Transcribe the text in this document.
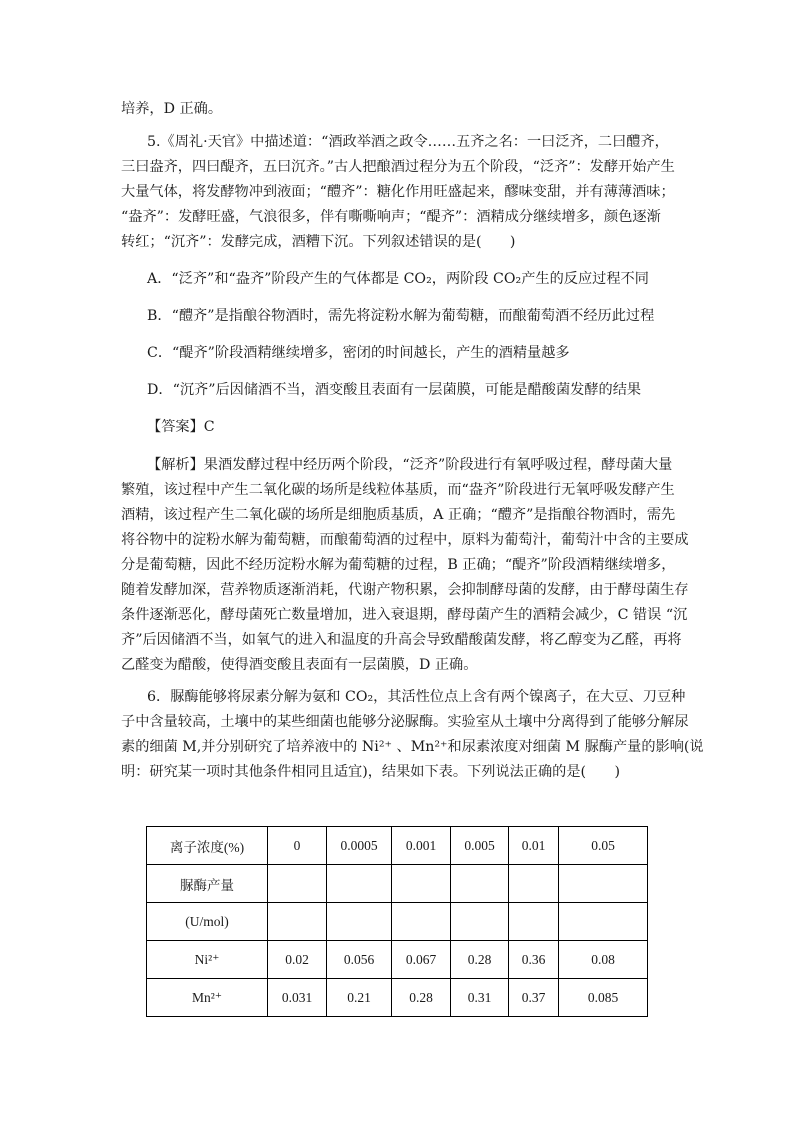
培养，D 正确。
5.《周礼·天官》中描述道：“酒政举酒之政令……五齐之名：一曰泛齐，二曰醴齐，
三曰盎齐，四曰醍齐，五曰沉齐。”古人把酿酒过程分为五个阶段，“泛齐”：发酵开始产生
大量气体，将发酵物冲到液面；“醴齐”：糖化作用旺盛起来，醪味变甜，并有薄薄酒味；
“盎齐”：发酵旺盛，气浪很多，伴有嘶嘶响声；“醍齐”：酒精成分继续增多，颜色逐渐
转红；“沉齐”：发酵完成，酒糟下沉。下列叙述错误的是(　　)
A．“泛齐”和“盎齐”阶段产生的气体都是 CO₂，两阶段 CO₂产生的反应过程不同
B．“醴齐”是指酿谷物酒时，需先将淀粉水解为葡萄糖，而酿葡萄酒不经历此过程
C．“醍齐”阶段酒精继续增多，密闭的时间越长，产生的酒精量越多
D．“沉齐”后因储酒不当，酒变酸且表面有一层菌膜，可能是醋酸菌发酵的结果
【答案】C
【解析】果酒发酵过程中经历两个阶段，“泛齐”阶段进行有氧呼吸过程，酵母菌大量
繁殖，该过程中产生二氧化碳的场所是线粒体基质，而“盎齐”阶段进行无氧呼吸发酵产生
酒精，该过程产生二氧化碳的场所是细胞质基质，A 正确；“醴齐”是指酿谷物酒时，需先
将谷物中的淀粉水解为葡萄糖，而酿葡萄酒的过程中，原料为葡萄汁，葡萄汁中含的主要成
分是葡萄糖，因此不经历淀粉水解为葡萄糖的过程，B 正确；“醍齐”阶段酒精继续增多，
随着发酵加深，营养物质逐渐消耗，代谢产物积累，会抑制酵母菌的发酵，由于酵母菌生存
条件逐渐恶化，酵母菌死亡数量增加，进入衰退期，酵母菌产生的酒精会减少，C 错误 “沉
齐”后因储酒不当，如氧气的进入和温度的升高会导致醋酸菌发酵，将乙醇变为乙醛，再将
乙醛变为醋酸，使得酒变酸且表面有一层菌膜，D 正确。
6．脲酶能够将尿素分解为氨和 CO₂，其活性位点上含有两个镍离子，在大豆、刀豆种
子中含量较高，土壤中的某些细菌也能够分泌脲酶。实验室从土壤中分离得到了能够分解尿
素的细菌 M,并分别研究了培养液中的 Ni²⁺ 、Mn²⁺和尿素浓度对细菌 M 脲酶产量的影响(说
明：研究某一项时其他条件相同且适宜)，结果如下表。下列说法正确的是(　　)
离子浓度(%)	0	0.0005	0.001	0.005	0.01	0.05
脲酶产量						
(U/mol)						
Ni²⁺	0.02	0.056	0.067	0.28	0.36	0.08
Mn²⁺	0.031	0.21	0.28	0.31	0.37	0.085
